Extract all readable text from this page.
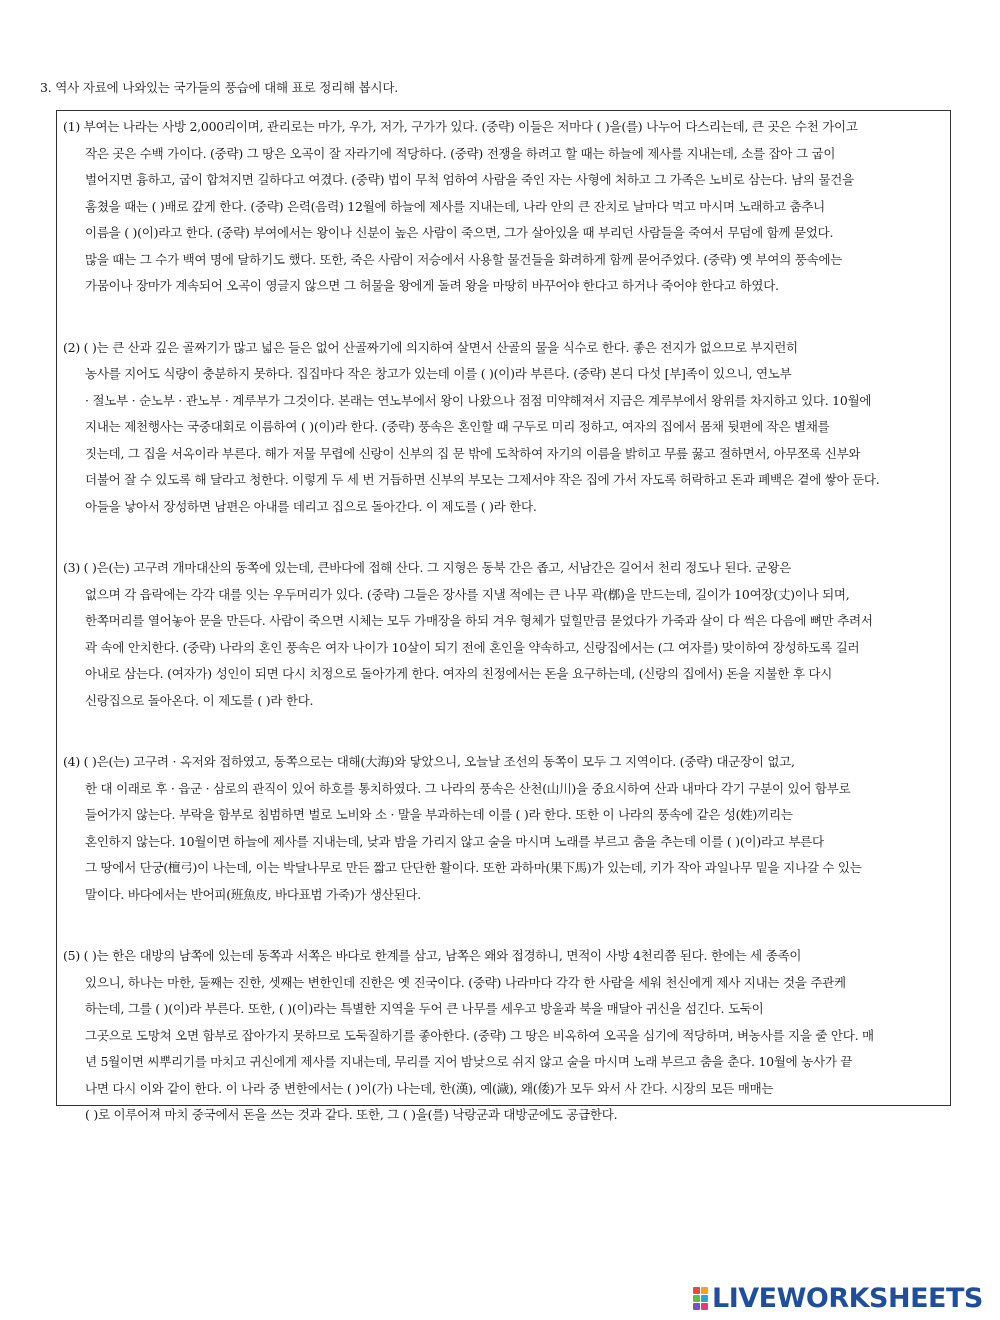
3. 역사 자료에 나와있는 국가들의 풍습에 대해 표로 정리해 봅시다.
(1) 부여는 나라는 사방 2,000리이며, 관리로는 마가, 우가, 저가, 구가가 있다. (중략) 이들은 저마다 ( )을(를) 나누어 다스리는데, 큰 곳은 수천 가이고
작은 곳은 수백 가이다. (중략) 그 땅은 오곡이 잘 자라기에 적당하다. (중략) 전쟁을 하려고 할 때는 하늘에 제사를 지내는데, 소를 잡아 그 굽이
벌어지면 흉하고, 굽이 합쳐지면 길하다고 여겼다. (중략) 법이 무척 엄하여 사람을 죽인 자는 사형에 처하고 그 가족은 노비로 삼는다. 남의 물건을
훔쳤을 때는 ( )배로 갚게 한다. (중략) 은력(음력) 12월에 하늘에 제사를 지내는데, 나라 안의 큰 잔치로 날마다 먹고 마시며 노래하고 춤추니
이름을 ( )(이)라고 한다. (중략) 부여에서는 왕이나 신분이 높은 사람이 죽으면, 그가 살아있을 때 부리던 사람들을 죽여서 무덤에 함께 묻었다.
많을 때는 그 수가 백여 명에 달하기도 했다. 또한, 죽은 사람이 저승에서 사용할 물건들을 화려하게 함께 묻어주었다. (중략) 옛 부여의 풍속에는
가뭄이나 장마가 계속되어 오곡이 영글지 않으면 그 허물을 왕에게 돌려 왕을 마땅히 바꾸어야 한다고 하거나 죽어야 한다고 하였다.
(2) ( )는 큰 산과 깊은 골짜기가 많고 넓은 들은 없어 산골짜기에 의지하여 살면서 산골의 물을 식수로 한다. 좋은 전지가 없으므로 부지런히
농사를 지어도 식량이 충분하지 못하다. 집집마다 작은 창고가 있는데 이를 ( )(이)라 부른다. (중략) 본디 다섯 [부]족이 있으니, 연노부
· 절노부 · 순노부 · 관노부 · 계루부가 그것이다. 본래는 연노부에서 왕이 나왔으나 점점 미약해져서 지금은 계루부에서 왕위를 차지하고 있다. 10월에
지내는 제천행사는 국중대회로 이름하여 ( )(이)라 한다. (중략) 풍속은 혼인할 때 구두로 미리 정하고, 여자의 집에서 몸채 뒷편에 작은 별채를
짓는데, 그 집을 서옥이라 부른다. 해가 저물 무렵에 신랑이 신부의 집 문 밖에 도착하여 자기의 이름을 밝히고 무릎 꿇고 절하면서, 아무쪼록 신부와
더불어 잘 수 있도록 해 달라고 청한다. 이렇게 두 세 번 거듭하면 신부의 부모는 그제서야 작은 집에 가서 자도록 허락하고 돈과 폐백은 곁에 쌓아 둔다.
아들을 낳아서 장성하면 남편은 아내를 데리고 집으로 돌아간다. 이 제도를 ( )라 한다.
(3) ( )은(는) 고구려 개마대산의 동쪽에 있는데, 큰바다에 접해 산다. 그 지형은 동북 간은 좁고, 서남간은 길어서 천리 정도나 된다. 군왕은
없으며 각 읍락에는 각각 대를 잇는 우두머리가 있다. (중략) 그들은 장사를 지낼 적에는 큰 나무 곽(槨)을 만드는데, 길이가 10여장(丈)이나 되며,
한쪽머리를 열어놓아 문을 만든다. 사람이 죽으면 시체는 모두 가매장을 하되 겨우 형체가 덮힐만큼 묻었다가 가죽과 살이 다 썩은 다음에 뼈만 추려서
곽 속에 안치한다. (중략) 나라의 혼인 풍속은 여자 나이가 10살이 되기 전에 혼인을 약속하고, 신랑집에서는 (그 여자를) 맞이하여 장성하도록 길러
아내로 삼는다. (여자가) 성인이 되면 다시 치정으로 돌아가게 한다. 여자의 친정에서는 돈을 요구하는데, (신랑의 집에서) 돈을 지불한 후 다시
신랑집으로 돌아온다. 이 제도를 ( )라 한다.
(4) ( )은(는) 고구려 · 옥저와 접하였고, 동쪽으로는 대해(大海)와 닿았으니, 오늘날 조선의 동쪽이 모두 그 지역이다. (중략) 대군장이 없고,
한 대 이래로 후 · 읍군 · 삼로의 관직이 있어 하호를 통치하였다. 그 나라의 풍속은 산천(山川)을 중요시하여 산과 내마다 각기 구분이 있어 함부로
들어가지 않는다. 부락을 함부로 침범하면 벌로 노비와 소 · 말을 부과하는데 이를 ( )라 한다. 또한 이 나라의 풍속에 같은 성(姓)끼리는
혼인하지 않는다. 10월이면 하늘에 제사를 지내는데, 낮과 밤을 가리지 않고 술을 마시며 노래를 부르고 춤을 추는데 이를 ( )(이)라고 부른다
그 땅에서 단궁(檀弓)이 나는데, 이는 박달나무로 만든 짧고 단단한 활이다. 또한 과하마(果下馬)가 있는데, 키가 작아 과일나무 밑을 지나갈 수 있는
말이다. 바다에서는 반어피(班魚皮, 바다표범 가죽)가 생산된다.
(5) ( )는 한은 대방의 남쪽에 있는데 동쪽과 서쪽은 바다로 한계를 삼고, 남쪽은 왜와 접경하니, 면적이 사방 4천리쯤 된다. 한에는 세 종족이
있으니, 하나는 마한, 둘째는 진한, 셋째는 변한인데 진한은 옛 진국이다. (중략) 나라마다 각각 한 사람을 세워 천신에게 제사 지내는 것을 주관케
하는데, 그를 ( )(이)라 부른다. 또한, ( )(이)라는 특별한 지역을 두어 큰 나무를 세우고 방울과 북을 매달아 귀신을 섬긴다. 도둑이
그곳으로 도망쳐 오면 함부로 잡아가지 못하므로 도둑질하기를 좋아한다. (중략) 그 땅은 비옥하여 오곡을 심기에 적당하며, 벼농사를 지을 줄 안다. 매
년 5월이면 씨뿌리기를 마치고 귀신에게 제사를 지내는데, 무리를 지어 밤낮으로 쉬지 않고 술을 마시며 노래 부르고 춤을 춘다. 10월에 농사가 끝
나면 다시 이와 같이 한다. 이 나라 중 변한에서는 ( )이(가) 나는데, 한(漢), 예(濊), 왜(倭)가 모두 와서 사 간다. 시장의 모든 매매는
( )로 이루어져 마치 중국에서 돈을 쓰는 것과 같다. 또한, 그 ( )을(를) 낙랑군과 대방군에도 공급한다.
LIVEWORKSHEETS
